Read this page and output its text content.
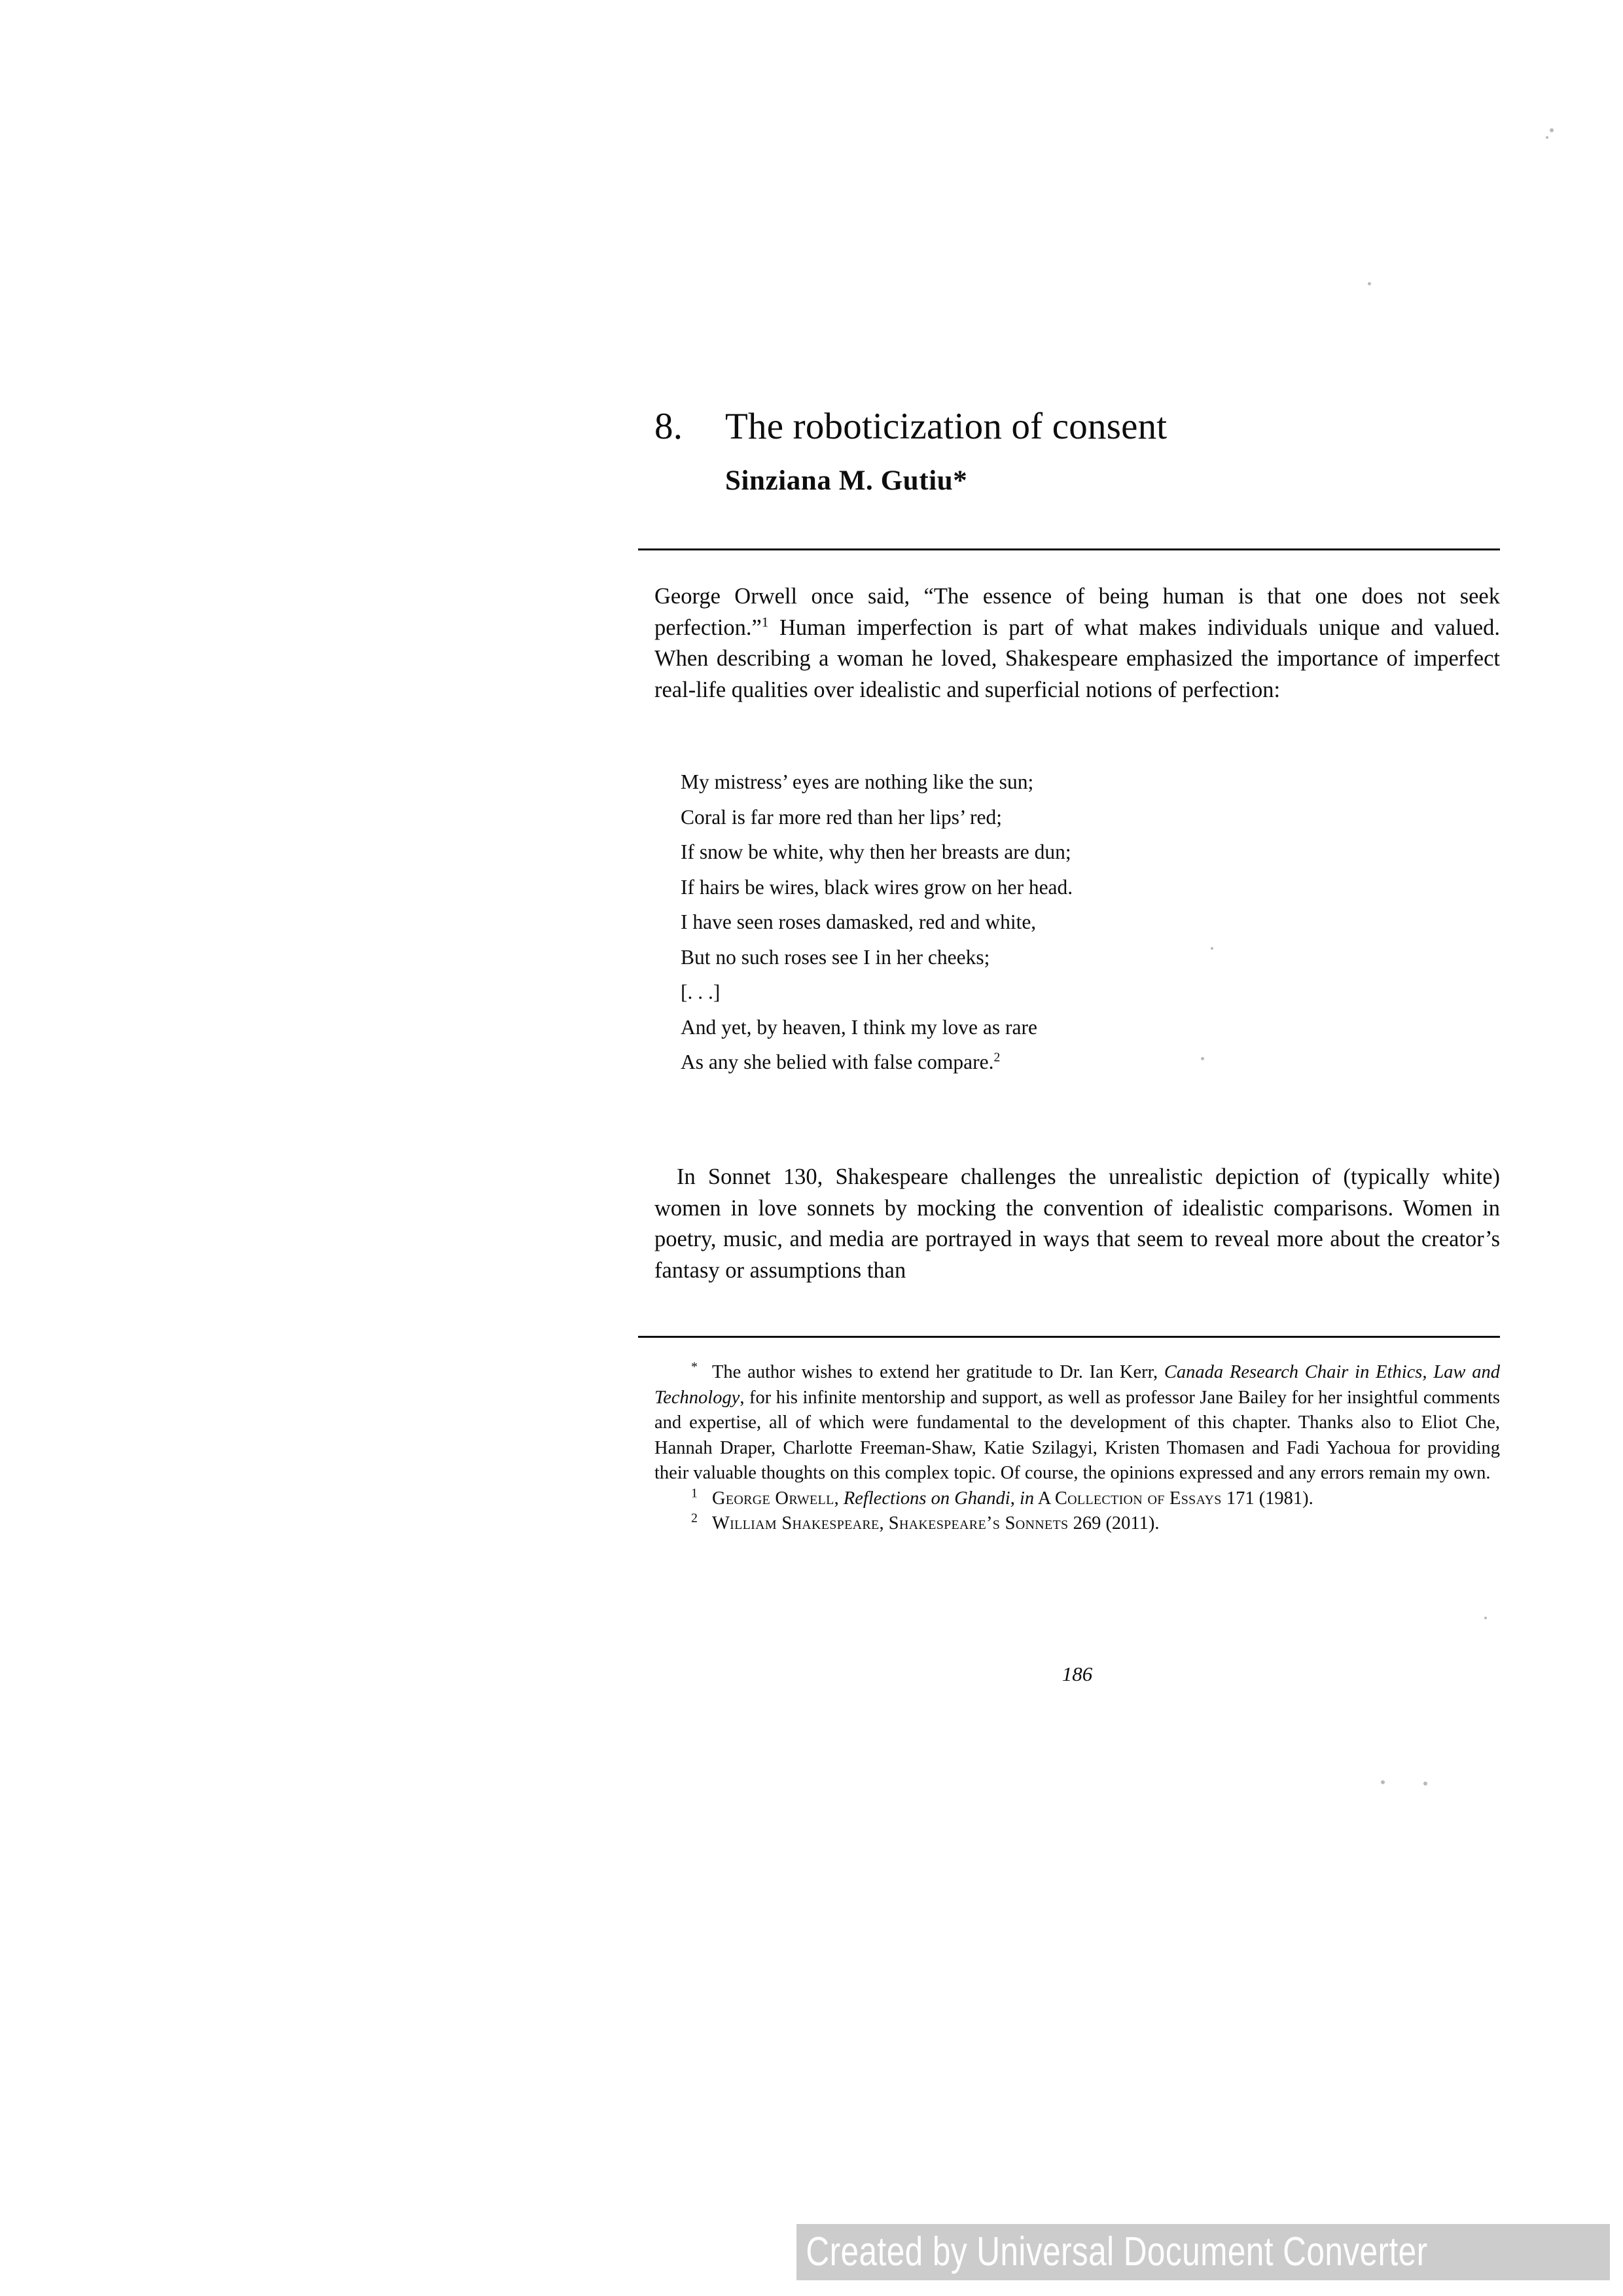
8.	The roboticization of consent
Sinziana M. Gutiu*

George Orwell once said, “The essence of being human is that one does not seek perfection.”$^1$ Human imperfection is part of what makes individuals unique and valued. When describing a woman he loved, Shakespeare emphasized the importance of imperfect real-life qualities over idealistic and superficial notions of perfection:

My mistress’ eyes are nothing like the sun;
Coral is far more red than her lips’ red;
If snow be white, why then her breasts are dun;
If hairs be wires, black wires grow on her head.
I have seen roses damasked, red and white,
But no such roses see I in her cheeks;
[. . .]
And yet, by heaven, I think my love as rare
As any she belied with false compare.$^2$

In Sonnet 130, Shakespeare challenges the unrealistic depiction of (typically white) women in love sonnets by mocking the convention of idealistic comparisons. Women in poetry, music, and media are portrayed in ways that seem to reveal more about the creator’s fantasy or assumptions than

* The author wishes to extend her gratitude to Dr. Ian Kerr, Canada Research Chair in Ethics, Law and Technology, for his infinite mentorship and support, as well as professor Jane Bailey for her insightful comments and expertise, all of which were fundamental to the development of this chapter. Thanks also to Eliot Che, Hannah Draper, Charlotte Freeman-Shaw, Katie Szilagyi, Kristen Thomasen and Fadi Yachoua for providing their valuable thoughts on this complex topic. Of course, the opinions expressed and any errors remain my own.

$^1$ George Orwell, Reflections on Ghandi, in A Collection of Essays 171 (1981).

$^2$ William Shakespeare, Shakespeare’s Sonnets 269 (2011).

186
Created by Universal Document Converter
